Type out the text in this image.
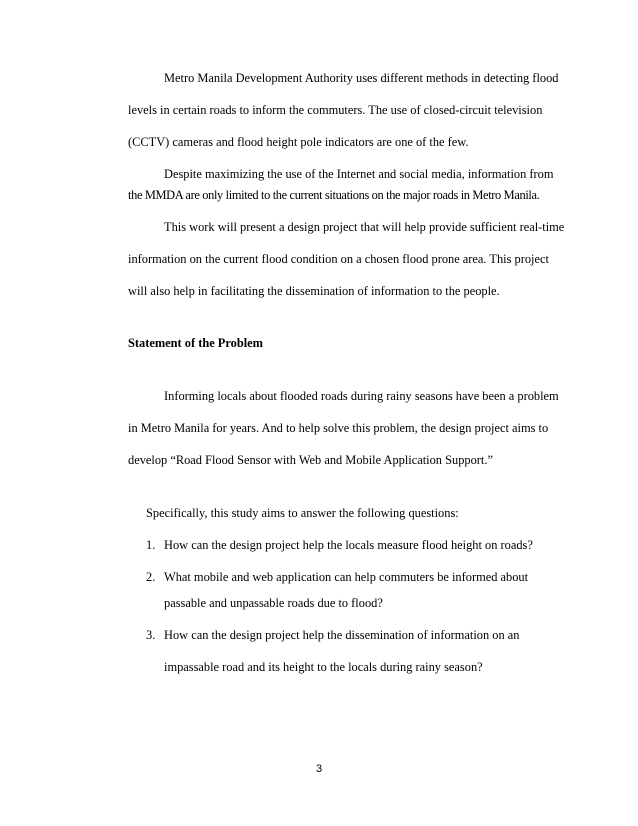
Metro Manila Development Authority uses different methods in detecting flood
levels in certain roads to inform the commuters. The use of closed-circuit television
(CCTV) cameras and flood height pole indicators are one of the few.
Despite maximizing the use of the Internet and social media, information from
the MMDA are only limited to the current situations on the major roads in Metro Manila.
This work will present a design project that will help provide sufficient real-time
information on the current flood condition on a chosen flood prone area. This project
will also help in facilitating the dissemination of information to the people.
Statement of the Problem
Informing locals about flooded roads during rainy seasons have been a problem
in Metro Manila for years. And to help solve this problem, the design project aims to
develop “Road Flood Sensor with Web and Mobile Application Support.”
Specifically, this study aims to answer the following questions:
1. How can the design project help the locals measure flood height on roads?
2. What mobile and web application can help commuters be informed about
passable and unpassable roads due to flood?
3. How can the design project help the dissemination of information on an
impassable road and its height to the locals during rainy season?
3
